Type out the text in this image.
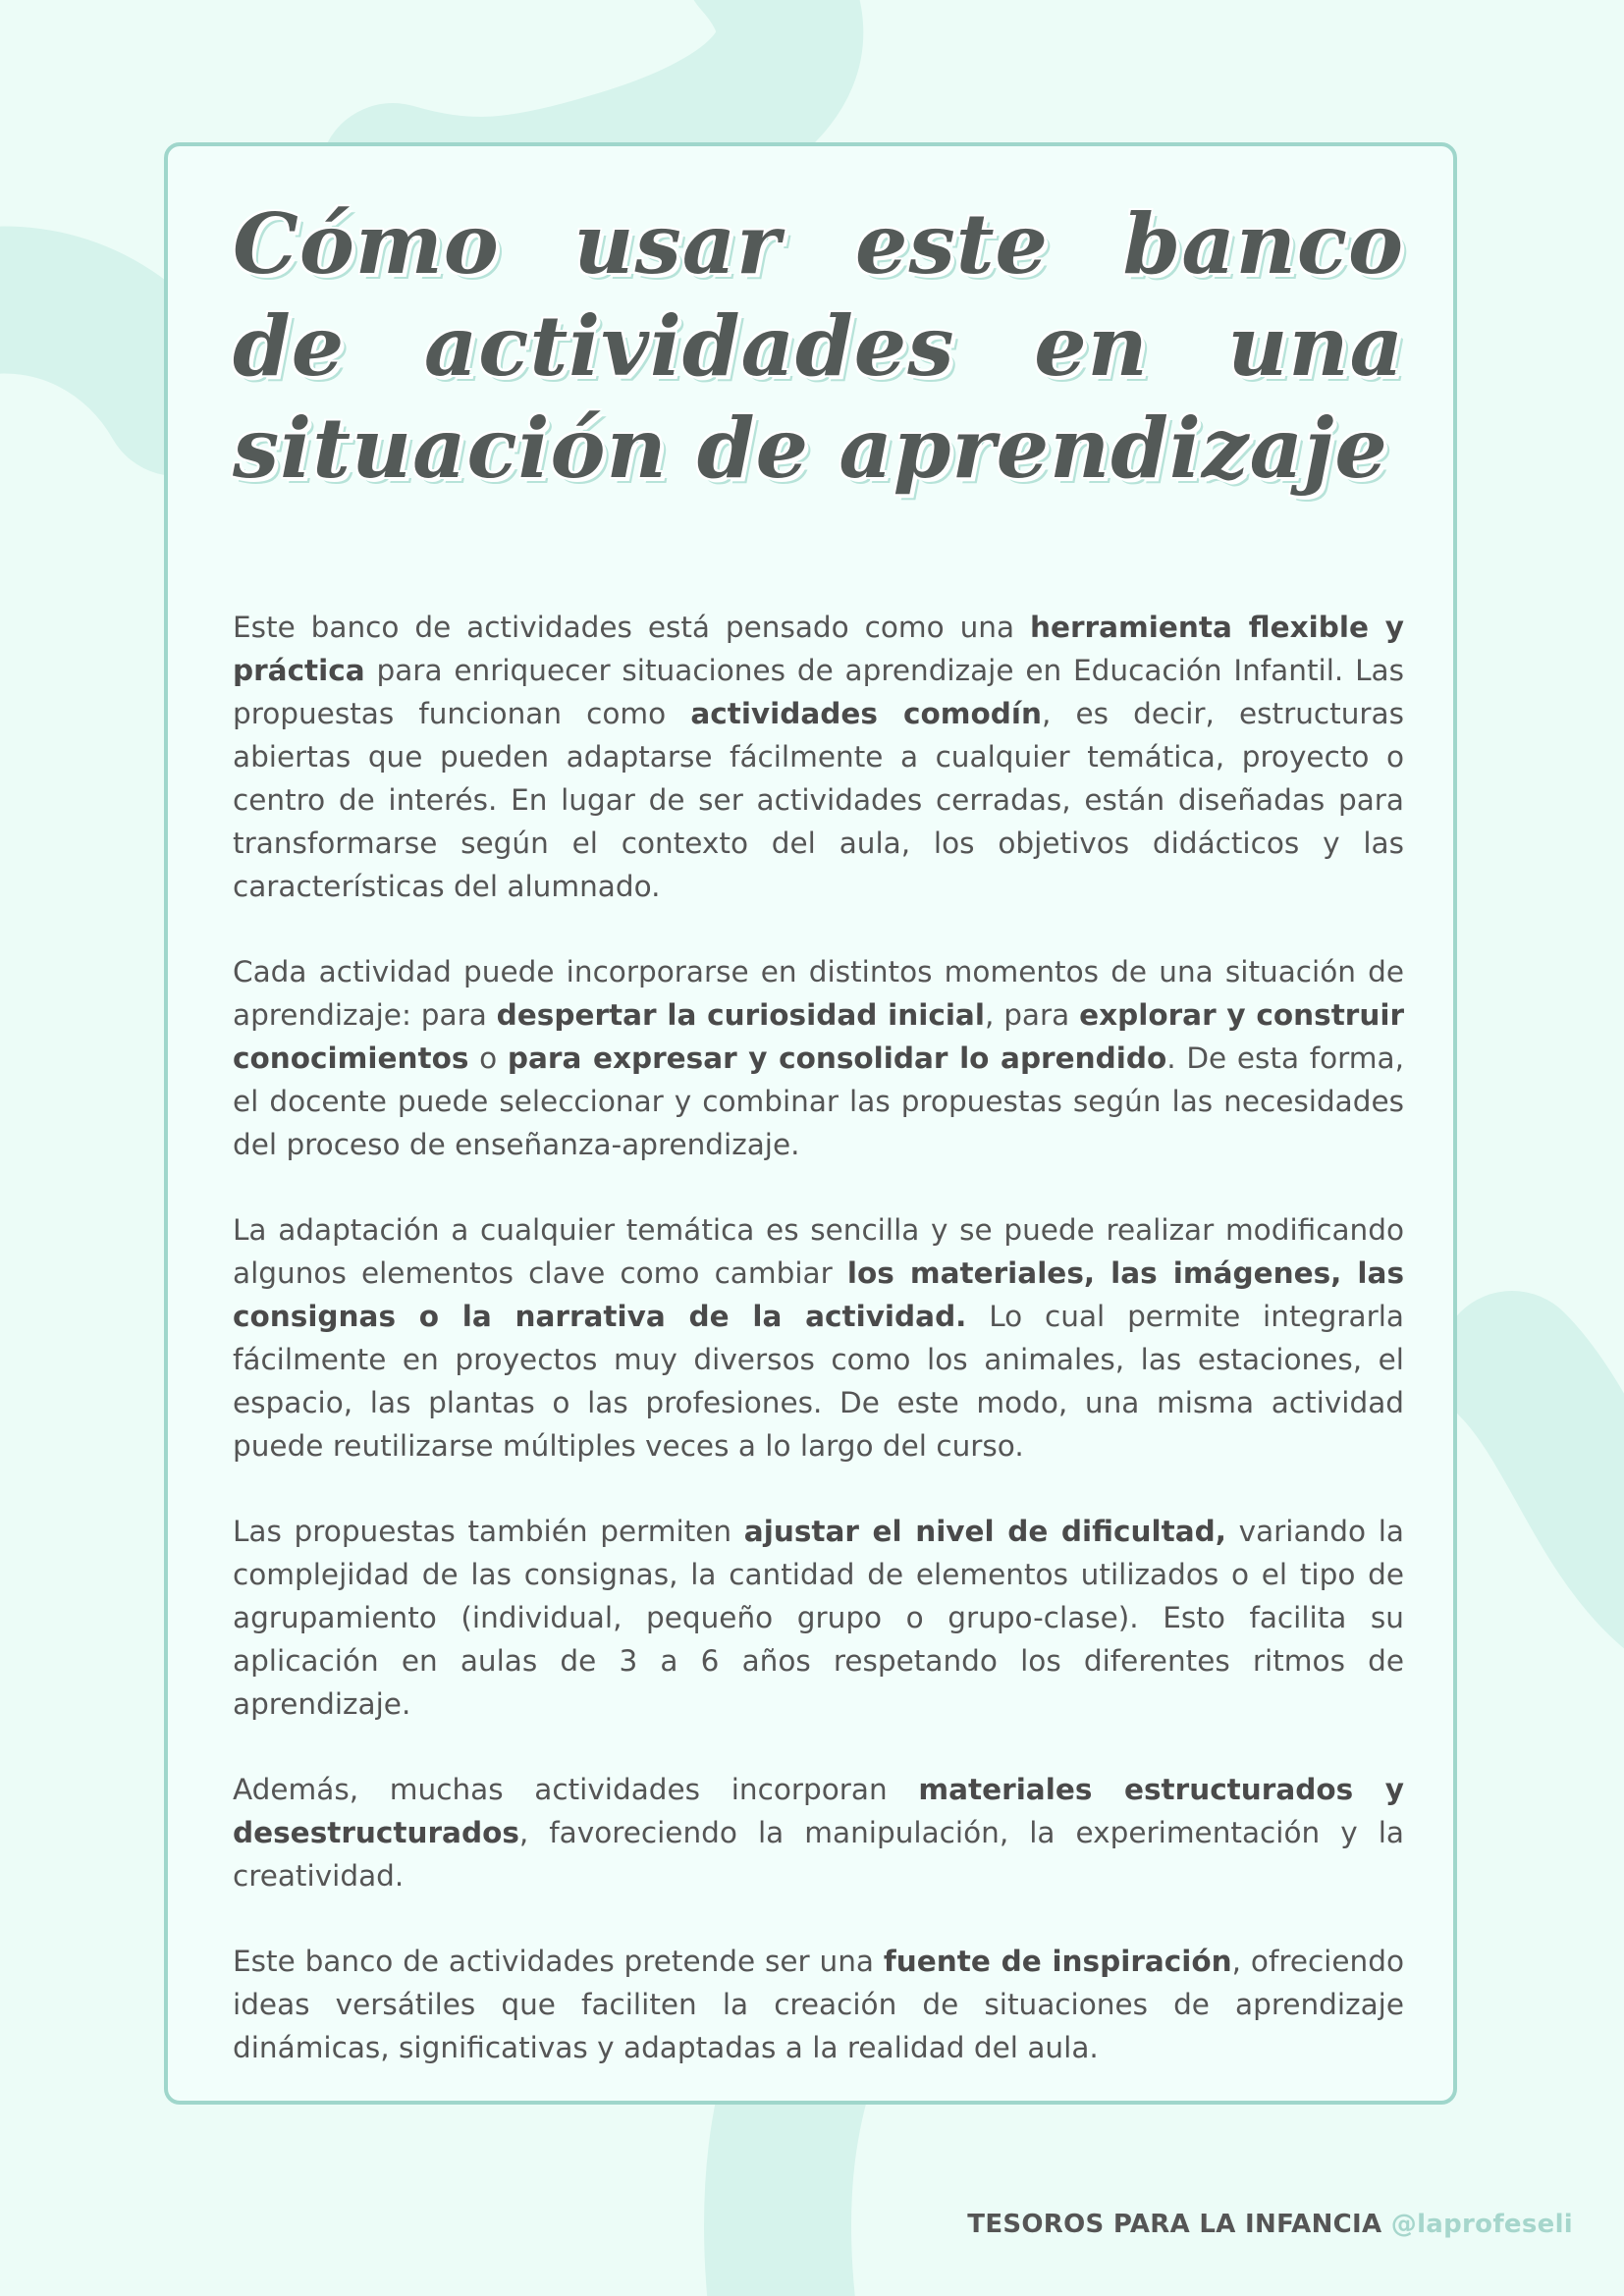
Cómo usar este banco de actividades en una situación de aprendizaje

Este banco de actividades está pensado como una herramienta flexible y práctica para enriquecer situaciones de aprendizaje en Educación Infantil. Las propuestas funcionan como actividades comodín, es decir, estructuras abiertas que pueden adaptarse fácilmente a cualquier temática, proyecto o centro de interés. En lugar de ser actividades cerradas, están diseñadas para transformarse según el contexto del aula, los objetivos didácticos y las características del alumnado.

Cada actividad puede incorporarse en distintos momentos de una situación de aprendizaje: para despertar la curiosidad inicial, para explorar y construir conocimientos o para expresar y consolidar lo aprendido. De esta forma, el docente puede seleccionar y combinar las propuestas según las necesidades del proceso de enseñanza-aprendizaje.

La adaptación a cualquier temática es sencilla y se puede realizar modificando algunos elementos clave como cambiar los materiales, las imágenes, las consignas o la narrativa de la actividad. Lo cual permite integrarla fácilmente en proyectos muy diversos como los animales, las estaciones, el espacio, las plantas o las profesiones. De este modo, una misma actividad puede reutilizarse múltiples veces a lo largo del curso.

Las propuestas también permiten ajustar el nivel de dificultad, variando la complejidad de las consignas, la cantidad de elementos utilizados o el tipo de agrupamiento (individual, pequeño grupo o grupo-clase). Esto facilita su aplicación en aulas de 3 a 6 años respetando los diferentes ritmos de aprendizaje.

Además, muchas actividades incorporan materiales estructurados y desestructurados, favoreciendo la manipulación, la experimentación y la creatividad.

Este banco de actividades pretende ser una fuente de inspiración, ofreciendo ideas versátiles que faciliten la creación de situaciones de aprendizaje dinámicas, significativas y adaptadas a la realidad del aula.

TESOROS PARA LA INFANCIA @laprofeseli
